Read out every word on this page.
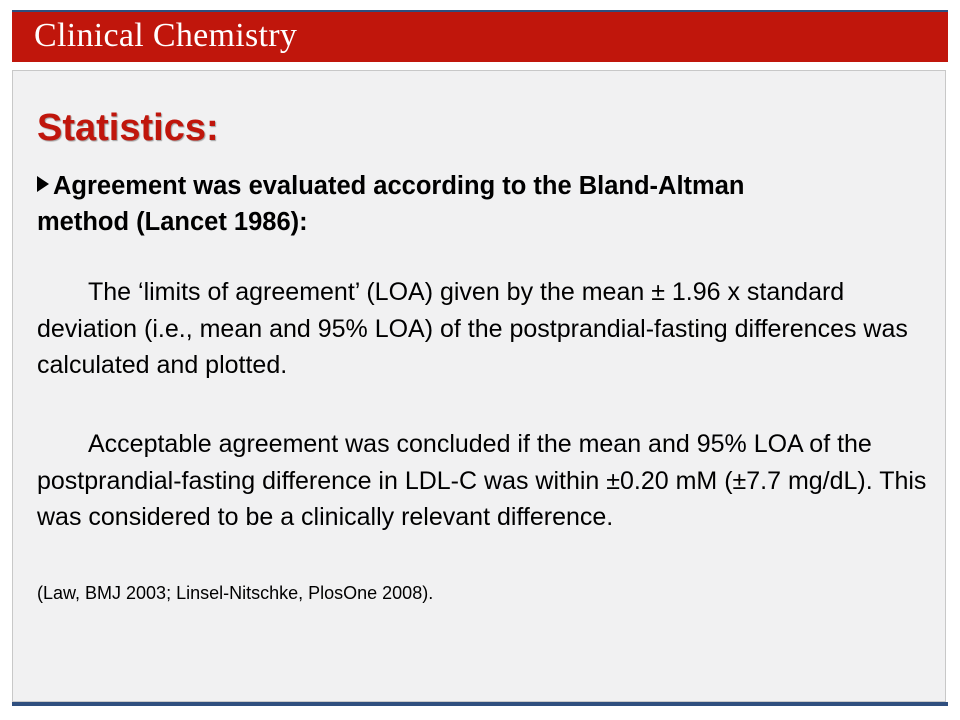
Clinical Chemistry
Statistics:
Agreement was evaluated according to the Bland-Altman
method (Lancet 1986):
The ‘limits of agreement’ (LOA) given by the mean ± 1.96 x standard deviation (i.e., mean and 95% LOA) of the postprandial-fasting differences was calculated and plotted.
Acceptable agreement was concluded if the mean and 95% LOA of the postprandial-fasting difference in LDL-C was within ±0.20 mM (±7.7 mg/dL). This was considered to be a clinically relevant difference.
(Law, BMJ 2003; Linsel-Nitschke, PlosOne 2008).
